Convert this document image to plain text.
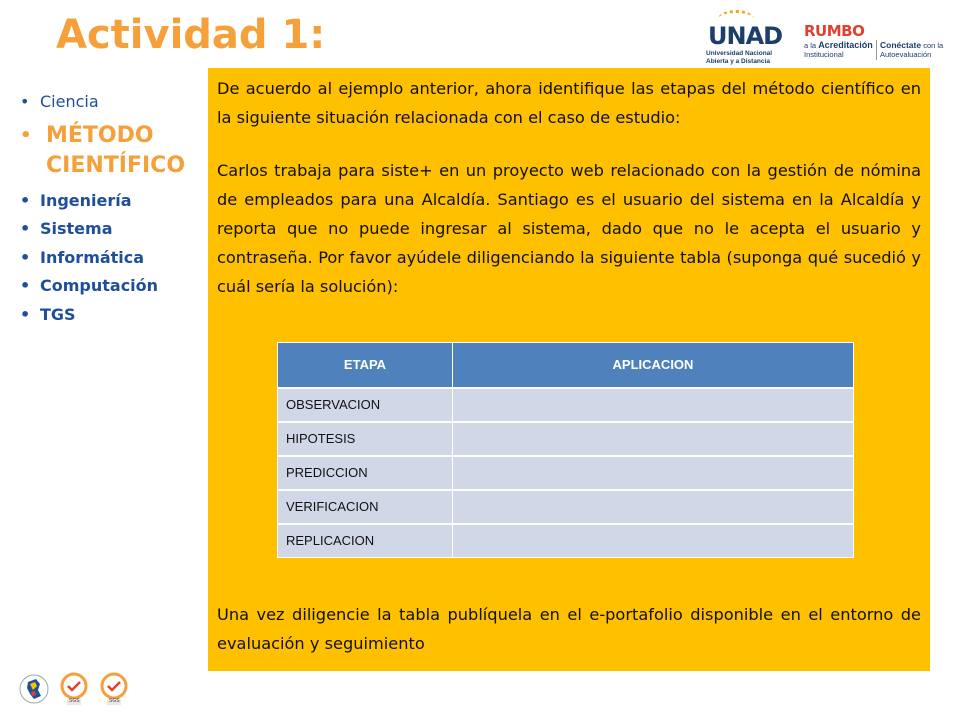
Actividad 1:	UNAD
Universidad Nacional
Abierta y a Distancia
RUMBO
a la Acreditación
Institucional
Conéctate con la
Autoevaluación
• Ciencia
• MÉTODO CIENTÍFICO
• Ingeniería
• Sistema
• Informática
• Computación
• TGS

De acuerdo al ejemplo anterior, ahora identifique las etapas del método científico en la siguiente situación relacionada con el caso de estudio:

Carlos trabaja para siste+ en un proyecto web relacionado con la gestión de nómina de empleados para una Alcaldía. Santiago es el usuario del sistema en la Alcaldía y reporta que no puede ingresar al sistema, dado que no le acepta el usuario y contraseña. Por favor ayúdele diligenciando la siguiente tabla (suponga qué sucedió y cuál sería la solución):

ETAPA	APLICACION
OBSERVACION	
HIPOTESIS	
PREDICCION	
VERIFICACION	
REPLICACION	

Una vez diligencie la tabla publíquela en el e-portafolio disponible en el entorno de evaluación y seguimiento

SGS	SGS
